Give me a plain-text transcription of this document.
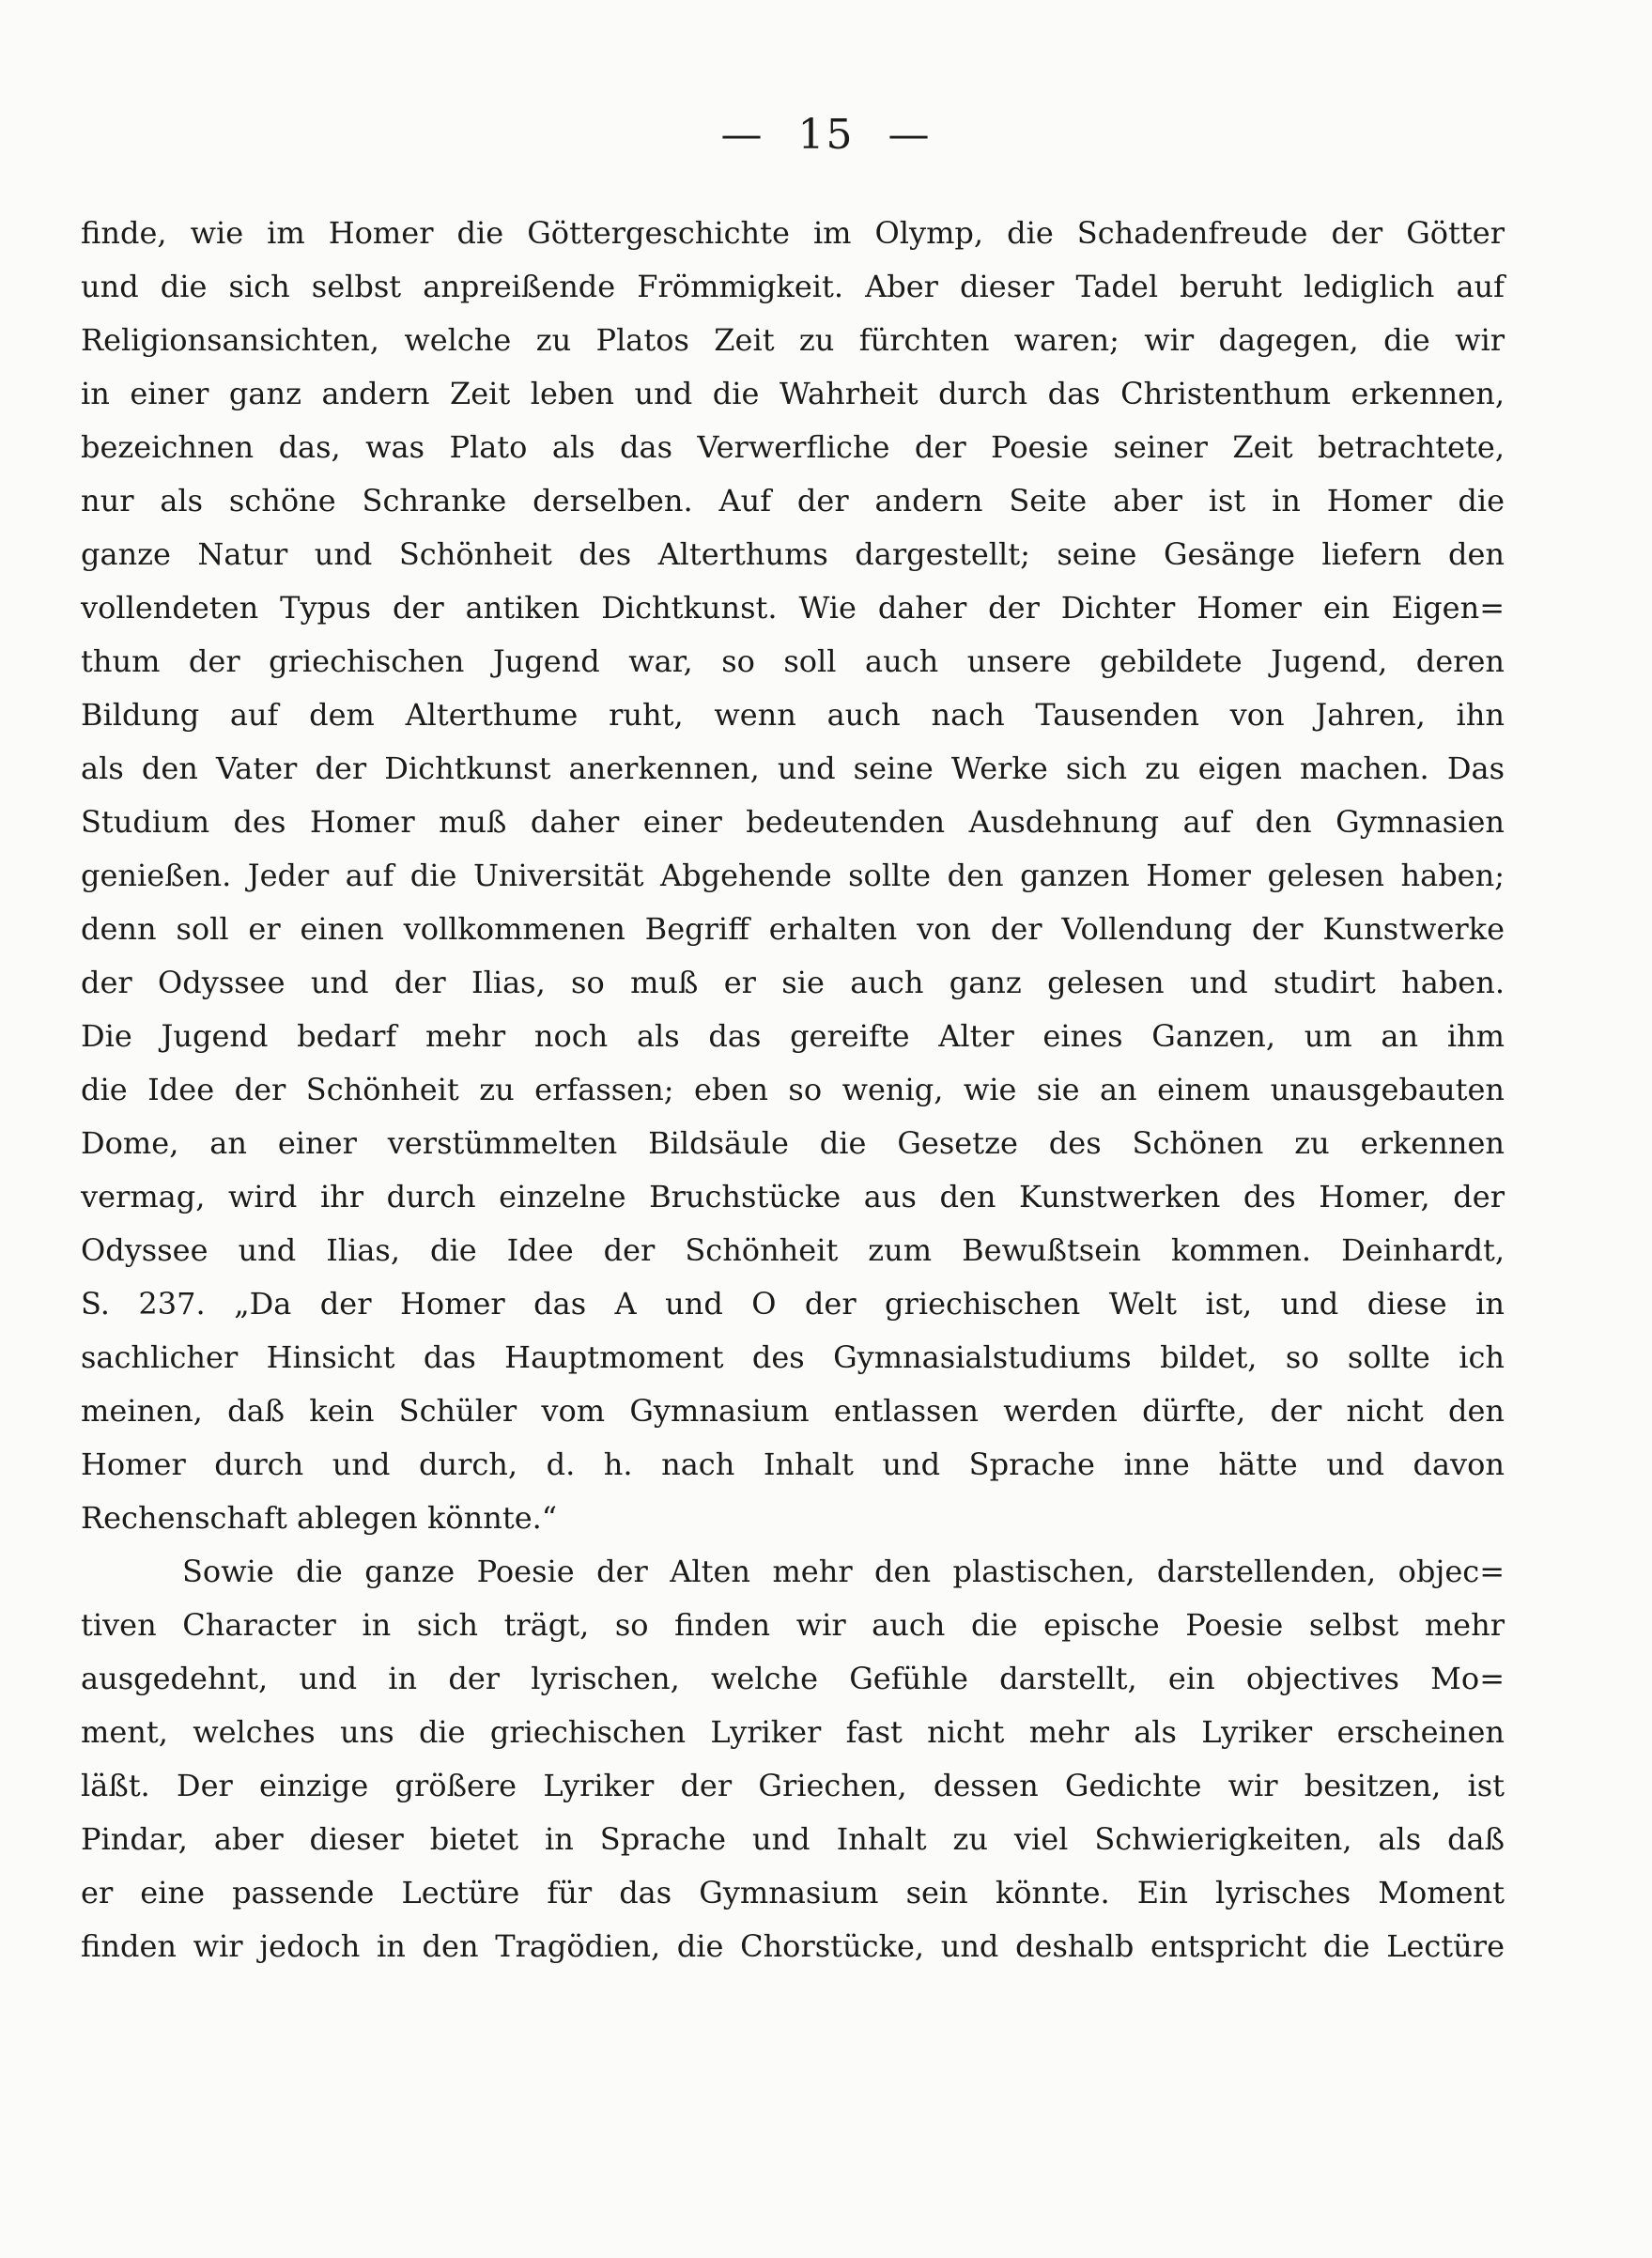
— 15 —
finde, wie im Homer die Göttergeschichte im Olymp, die Schadenfreude der Götter
und die sich selbst anpreißende Frömmigkeit. Aber dieser Tadel beruht lediglich auf
Religionsansichten, welche zu Platos Zeit zu fürchten waren; wir dagegen, die wir
in einer ganz andern Zeit leben und die Wahrheit durch das Christenthum erkennen,
bezeichnen das, was Plato als das Verwerfliche der Poesie seiner Zeit betrachtete,
nur als schöne Schranke derselben. Auf der andern Seite aber ist in Homer die
ganze Natur und Schönheit des Alterthums dargestellt; seine Gesänge liefern den
vollendeten Typus der antiken Dichtkunst. Wie daher der Dichter Homer ein Eigen=
thum der griechischen Jugend war, so soll auch unsere gebildete Jugend, deren
Bildung auf dem Alterthume ruht, wenn auch nach Tausenden von Jahren, ihn
als den Vater der Dichtkunst anerkennen, und seine Werke sich zu eigen machen. Das
Studium des Homer muß daher einer bedeutenden Ausdehnung auf den Gymnasien
genießen. Jeder auf die Universität Abgehende sollte den ganzen Homer gelesen haben;
denn soll er einen vollkommenen Begriff erhalten von der Vollendung der Kunstwerke
der Odyssee und der Ilias, so muß er sie auch ganz gelesen und studirt haben.
Die Jugend bedarf mehr noch als das gereifte Alter eines Ganzen, um an ihm
die Idee der Schönheit zu erfassen; eben so wenig, wie sie an einem unausgebauten
Dome, an einer verstümmelten Bildsäule die Gesetze des Schönen zu erkennen
vermag, wird ihr durch einzelne Bruchstücke aus den Kunstwerken des Homer, der
Odyssee und Ilias, die Idee der Schönheit zum Bewußtsein kommen. Deinhardt,
S. 237. „Da der Homer das A und O der griechischen Welt ist, und diese in
sachlicher Hinsicht das Hauptmoment des Gymnasialstudiums bildet, so sollte ich
meinen, daß kein Schüler vom Gymnasium entlassen werden dürfte, der nicht den
Homer durch und durch, d. h. nach Inhalt und Sprache inne hätte und davon
Rechenschaft ablegen könnte.“
Sowie die ganze Poesie der Alten mehr den plastischen, darstellenden, objec=
tiven Character in sich trägt, so finden wir auch die epische Poesie selbst mehr
ausgedehnt, und in der lyrischen, welche Gefühle darstellt, ein objectives Mo=
ment, welches uns die griechischen Lyriker fast nicht mehr als Lyriker erscheinen
läßt. Der einzige größere Lyriker der Griechen, dessen Gedichte wir besitzen, ist
Pindar, aber dieser bietet in Sprache und Inhalt zu viel Schwierigkeiten, als daß
er eine passende Lectüre für das Gymnasium sein könnte. Ein lyrisches Moment
finden wir jedoch in den Tragödien, die Chorstücke, und deshalb entspricht die Lectüre
